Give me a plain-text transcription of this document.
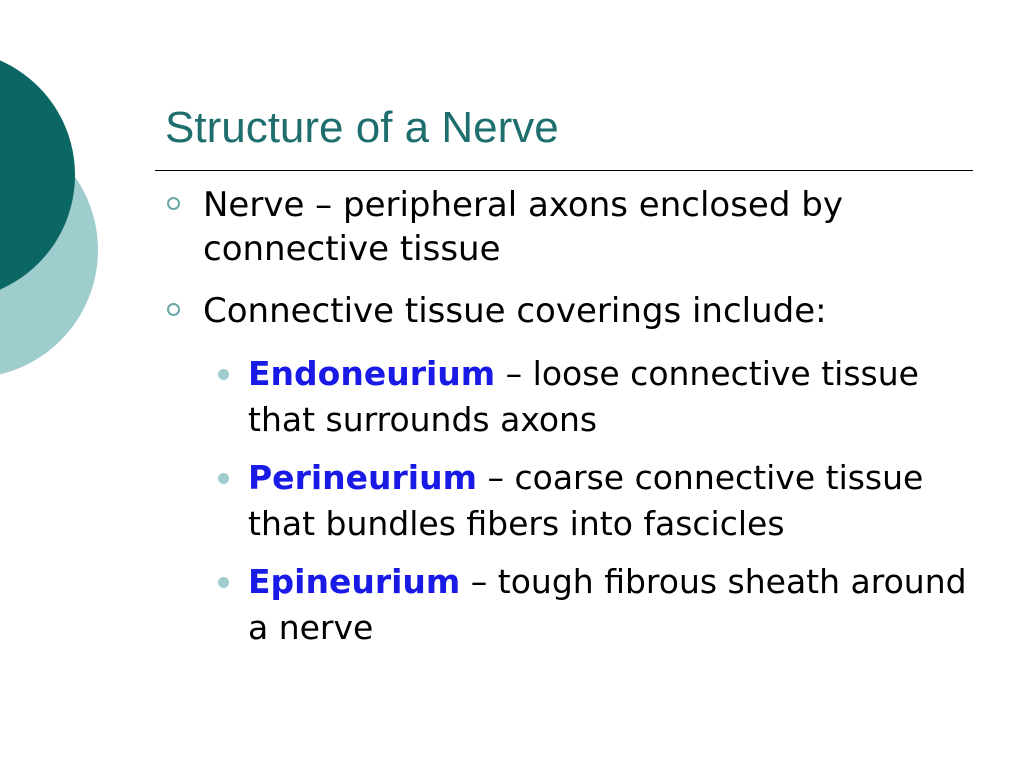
Structure of a Nerve
Nerve – peripheral axons enclosed by connective tissue
Connective tissue coverings include:
Endoneurium – loose connective tissue that surrounds axons
Perineurium – coarse connective tissue that bundles fibers into fascicles
Epineurium – tough fibrous sheath around a nerve
